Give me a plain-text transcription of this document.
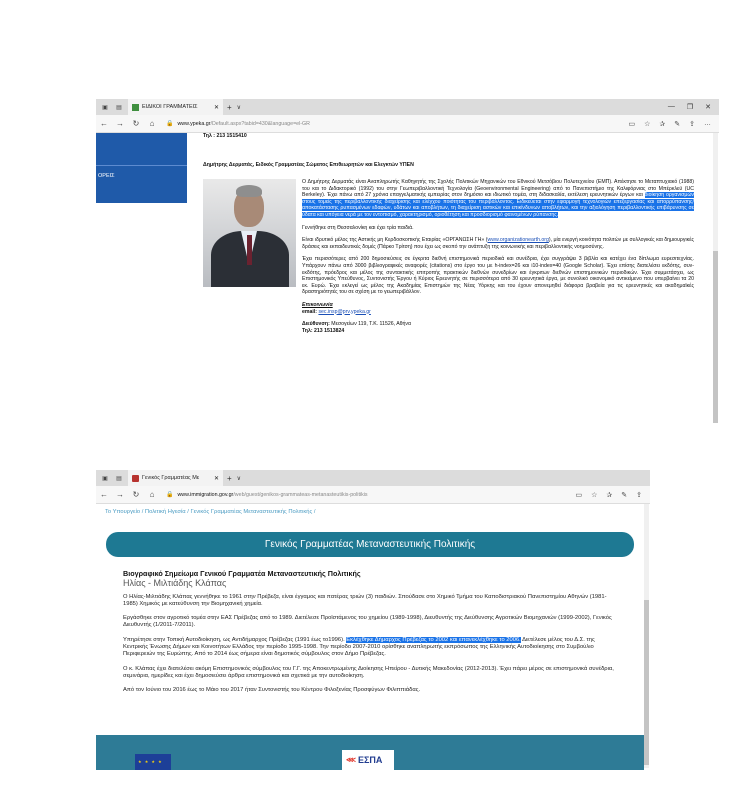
▣	▤	ΕΙΔΙΚΟΙ ΓΡΑΜΜΑΤΕΙΣ	✕ + ∨	— ❐ ✕
←	→	↻	⌂	🔒 www.ypeka.gr/Default.aspx?tabid=430&language=el-GR	▭ ☆ ✰ ✎ ⇪ …
ΟΡΕΙΣ
Τηλ : 213 1515410
Δημήτρης Δερματάς, Ειδικός Γραμματέας Σώματος Επιθεωρητών και Ελεγκτών ΥΠΕΝ

Ο Δημήτρης Δερματάς είναι Αναπληρωτής Καθηγητής της Σχολής Πολιτικών Μηχανικών του Εθνικού Μετσόβιου Πολυτεχνείου (ΕΜΠ). Απέκτησε το Μεταπτυχιακό (1988) του και το Διδακτορικό (1992) του στην Γεωπεριβαλλοντική Τεχνολογία (Geoenvironmental Engineering) από το Πανεπιστήμιο της Καλιφόρνιας στο Μπέρκλεϋ (UC Berkeley). Έχει πάνω από 27 χρόνια επαγγελματικής εμπειρίας στον δημόσιο και ιδιωτικό τομέα, στη διδασκαλία, εκτέλεση ερευνητικών έργων και διοίκηση οργανισμών στους τομείς της περιβαλλοντικής διαχείρισης και ελέγχου ποιότητας του περιβάλλοντος. Ειδικεύεται στην εφαρμογή τεχνολογιών επεξεργασίας και απορρύπανσης/αποκατάστασης ρυπασμένων εδαφών, υδάτων και αποβλήτων, τη διαχείριση αστικών και επικίνδυνων αποβλήτων, και την αξιολόγηση περιβαλλοντικής επιβάρυνσης σε ύδατα και υπόγεια νερά με τον εντοπισμό, χαρακτηρισμό, οριοθέτηση και προσδιορισμό φαινομένων ρύπανσης.

Γεννήθηκε στη Θεσσαλονίκη και έχει τρία παιδιά.

Είναι ιδρυτικό μέλος της Αστικής μη Κερδοσκοπικής Εταιρίας «ΟΡΓΑΝΩΣΗ ΓΗ» (www.organizationearth.org), μία ενεργή κοινότητα πολιτών με συλλογικές και δημιουργικές δράσεις και εκπαιδευτικές δομές (Πάρκο Τρίτση) που έχει ως σκοπό την ανάπτυξη της κοινωνικής και περιβαλλοντικής νοημοσύνης.

Έχει περισσότερες από 200 δημοσιεύσεις σε έγκριτα διεθνή επιστημονικά περιοδικά και συνέδρια, έχει συγγράψει 3 βιβλία και κατέχει ένα δίπλωμα ευρεσιτεχνίας. Υπάρχουν πάνω από 3000 βιβλιογραφικές αναφορές (citations) στο έργο του με h-index=26 και i10-index=40 (Google Scholar). Έχει επίσης διατελέσει εκδότης, συν-εκδότης, πρόεδρος και μέλος της συντακτικής επιτροπής πρακτικών διεθνών συνεδρίων και έγκριτων διεθνών επιστημονικών περιοδικών. Έχει συμμετάσχει, ως Επιστημονικός Υπεύθυνος, Συντονιστής Έργου ή Κύριος Ερευνητής σε περισσότερα από 30 ερευνητικά έργα, με συνολικό οικονομικό αντικείμενο που υπερβαίνει τα 20 εκ. Ευρώ. Έχει εκλεγεί ως μέλος της Ακαδημίας Επιστημών της Νέας Υόρκης και του έχουν απονεμηθεί διάφορα βραβεία για τις ερευνητικές και ακαδημαϊκές δραστηριότητές του σε σχέση με το γεωπεριβάλλον.

Επικοινωνία
email: sec.insp@prv.ypeka.gr
Διεύθυνση: Μεσογείων 119, Τ.Κ. 11526, Αθήνα
Τηλ: 213 1513824
▣	▤	Γενικός Γραμματέας Με	✕ + ∨
←	→	↻	⌂	🔒 www.immigration.gov.gr/web/guest/genikos-grammateas-metanasteutikis-politikis	▭ ☆ ✰ ✎ ⇪
Το Υπουργείο / Πολιτική Ηγεσία / Γενικός Γραμματέας Μεταναστευτικής Πολιτικής /
Γενικός Γραμματέας Μεταναστευτικής Πολιτικής
Βιογραφικό Σημείωμα Γενικού Γραμματέα Μεταναστευτικής Πολιτικής
Ηλίας - Μιλτιάδης Κλάπας

Ο Ηλίας-Μιλτιάδης Κλάπας γεννήθηκε το 1961 στην Πρέβεζα, είναι έγγαμος και πατέρας τριών (3) παιδιών. Σπούδασε στο Χημικό Τμήμα του Καποδιστριακού Πανεπιστημίου Αθηνών (1981-1985) Χημικός με κατεύθυνση την Βιομηχανική χημεία.

Εργάσθηκε στον αγροτικό τομέα στην ΕΑΣ Πρέβεζας από το 1989. Διετέλεσε Προϊστάμενος του χημείου (1989-1998), Διευθυντής της Διεύθυνσης Αγροτικών Βιομηχανιών (1999-2002), Γενικός Διευθυντής (1/2011-7/2011).

Υπηρέτησε στην Τοπική Αυτοδιοίκηση, ως Αντιδήμαρχος Πρέβεζας (1991 έως το1996). Εκλέχθηκε Δήμαρχος Πρέβεζας το 2002 και επανεκλέχθηκε το 2006. Διετέλεσε μέλος του Δ.Σ. της Κεντρικής Ένωσης Δήμων και Κοινοτήτων Ελλάδος την περίοδο 1995-1998. Την περίοδο 2007-2010 ορίσθηκε αναπληρωτής εκπρόσωπος της Ελληνικής Αυτοδιοίκησης στο Συμβούλιο Περιφερειών της Ευρώπης. Από το 2014 έως σήμερα είναι δημοτικός σύμβουλος στον Δήμο Πρέβεζας.

Ο κ. Κλάπας έχει διατελέσει ακόμη Επιστημονικός σύμβουλος του Γ.Γ. της Αποκεντρωμένης Διοίκησης Ηπείρου - Δυτικής Μακεδονίας (2012-2013). Έχει πάρει μέρος σε επιστημονικά συνέδρια, σεμινάρια, ημερίδες και έχει δημοσιεύσει άρθρα επιστημονικά και σχετικά με την αυτοδιοίκηση.

Από τον Ιούνιο του 2016 έως το Μάιο του 2017 ήταν Συντονιστής του Κέντρου Φιλοξενίας Προσφύγων Φιλιππιάδας.

★ ★ ★ ★	⋘ ΕΣΠΑ
